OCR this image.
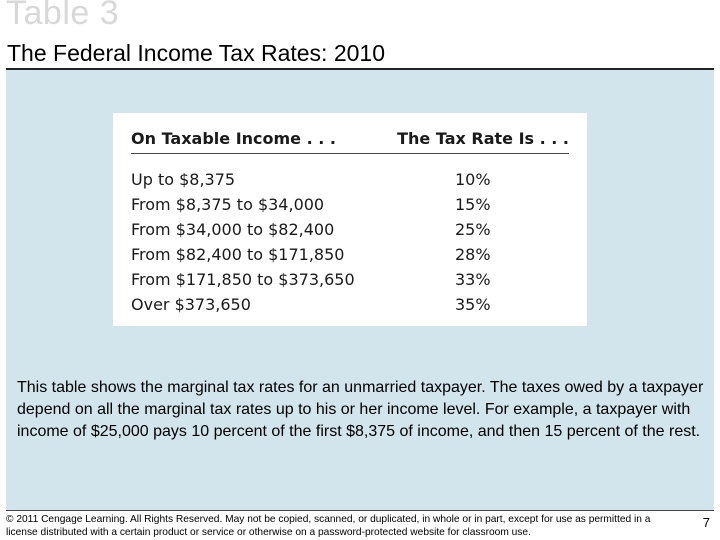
Table 3
The Federal Income Tax Rates: 2010
On Taxable Income . . .	The Tax Rate Is . . .
Up to $8,375	10%
From $8,375 to $34,000	15%
From $34,000 to $82,400	25%
From $82,400 to $171,850	28%
From $171,850 to $373,650	33%
Over $373,650	35%
This table shows the marginal tax rates for an unmarried taxpayer. The taxes owed by a taxpayer depend on all the marginal tax rates up to his or her income level. For example, a taxpayer with income of $25,000 pays 10 percent of the first $8,375 of income, and then 15 percent of the rest.
© 2011 Cengage Learning. All Rights Reserved. May not be copied, scanned, or duplicated, in whole or in part, except for use as permitted in a license distributed with a certain product or service or otherwise on a password-protected website for classroom use.
7
